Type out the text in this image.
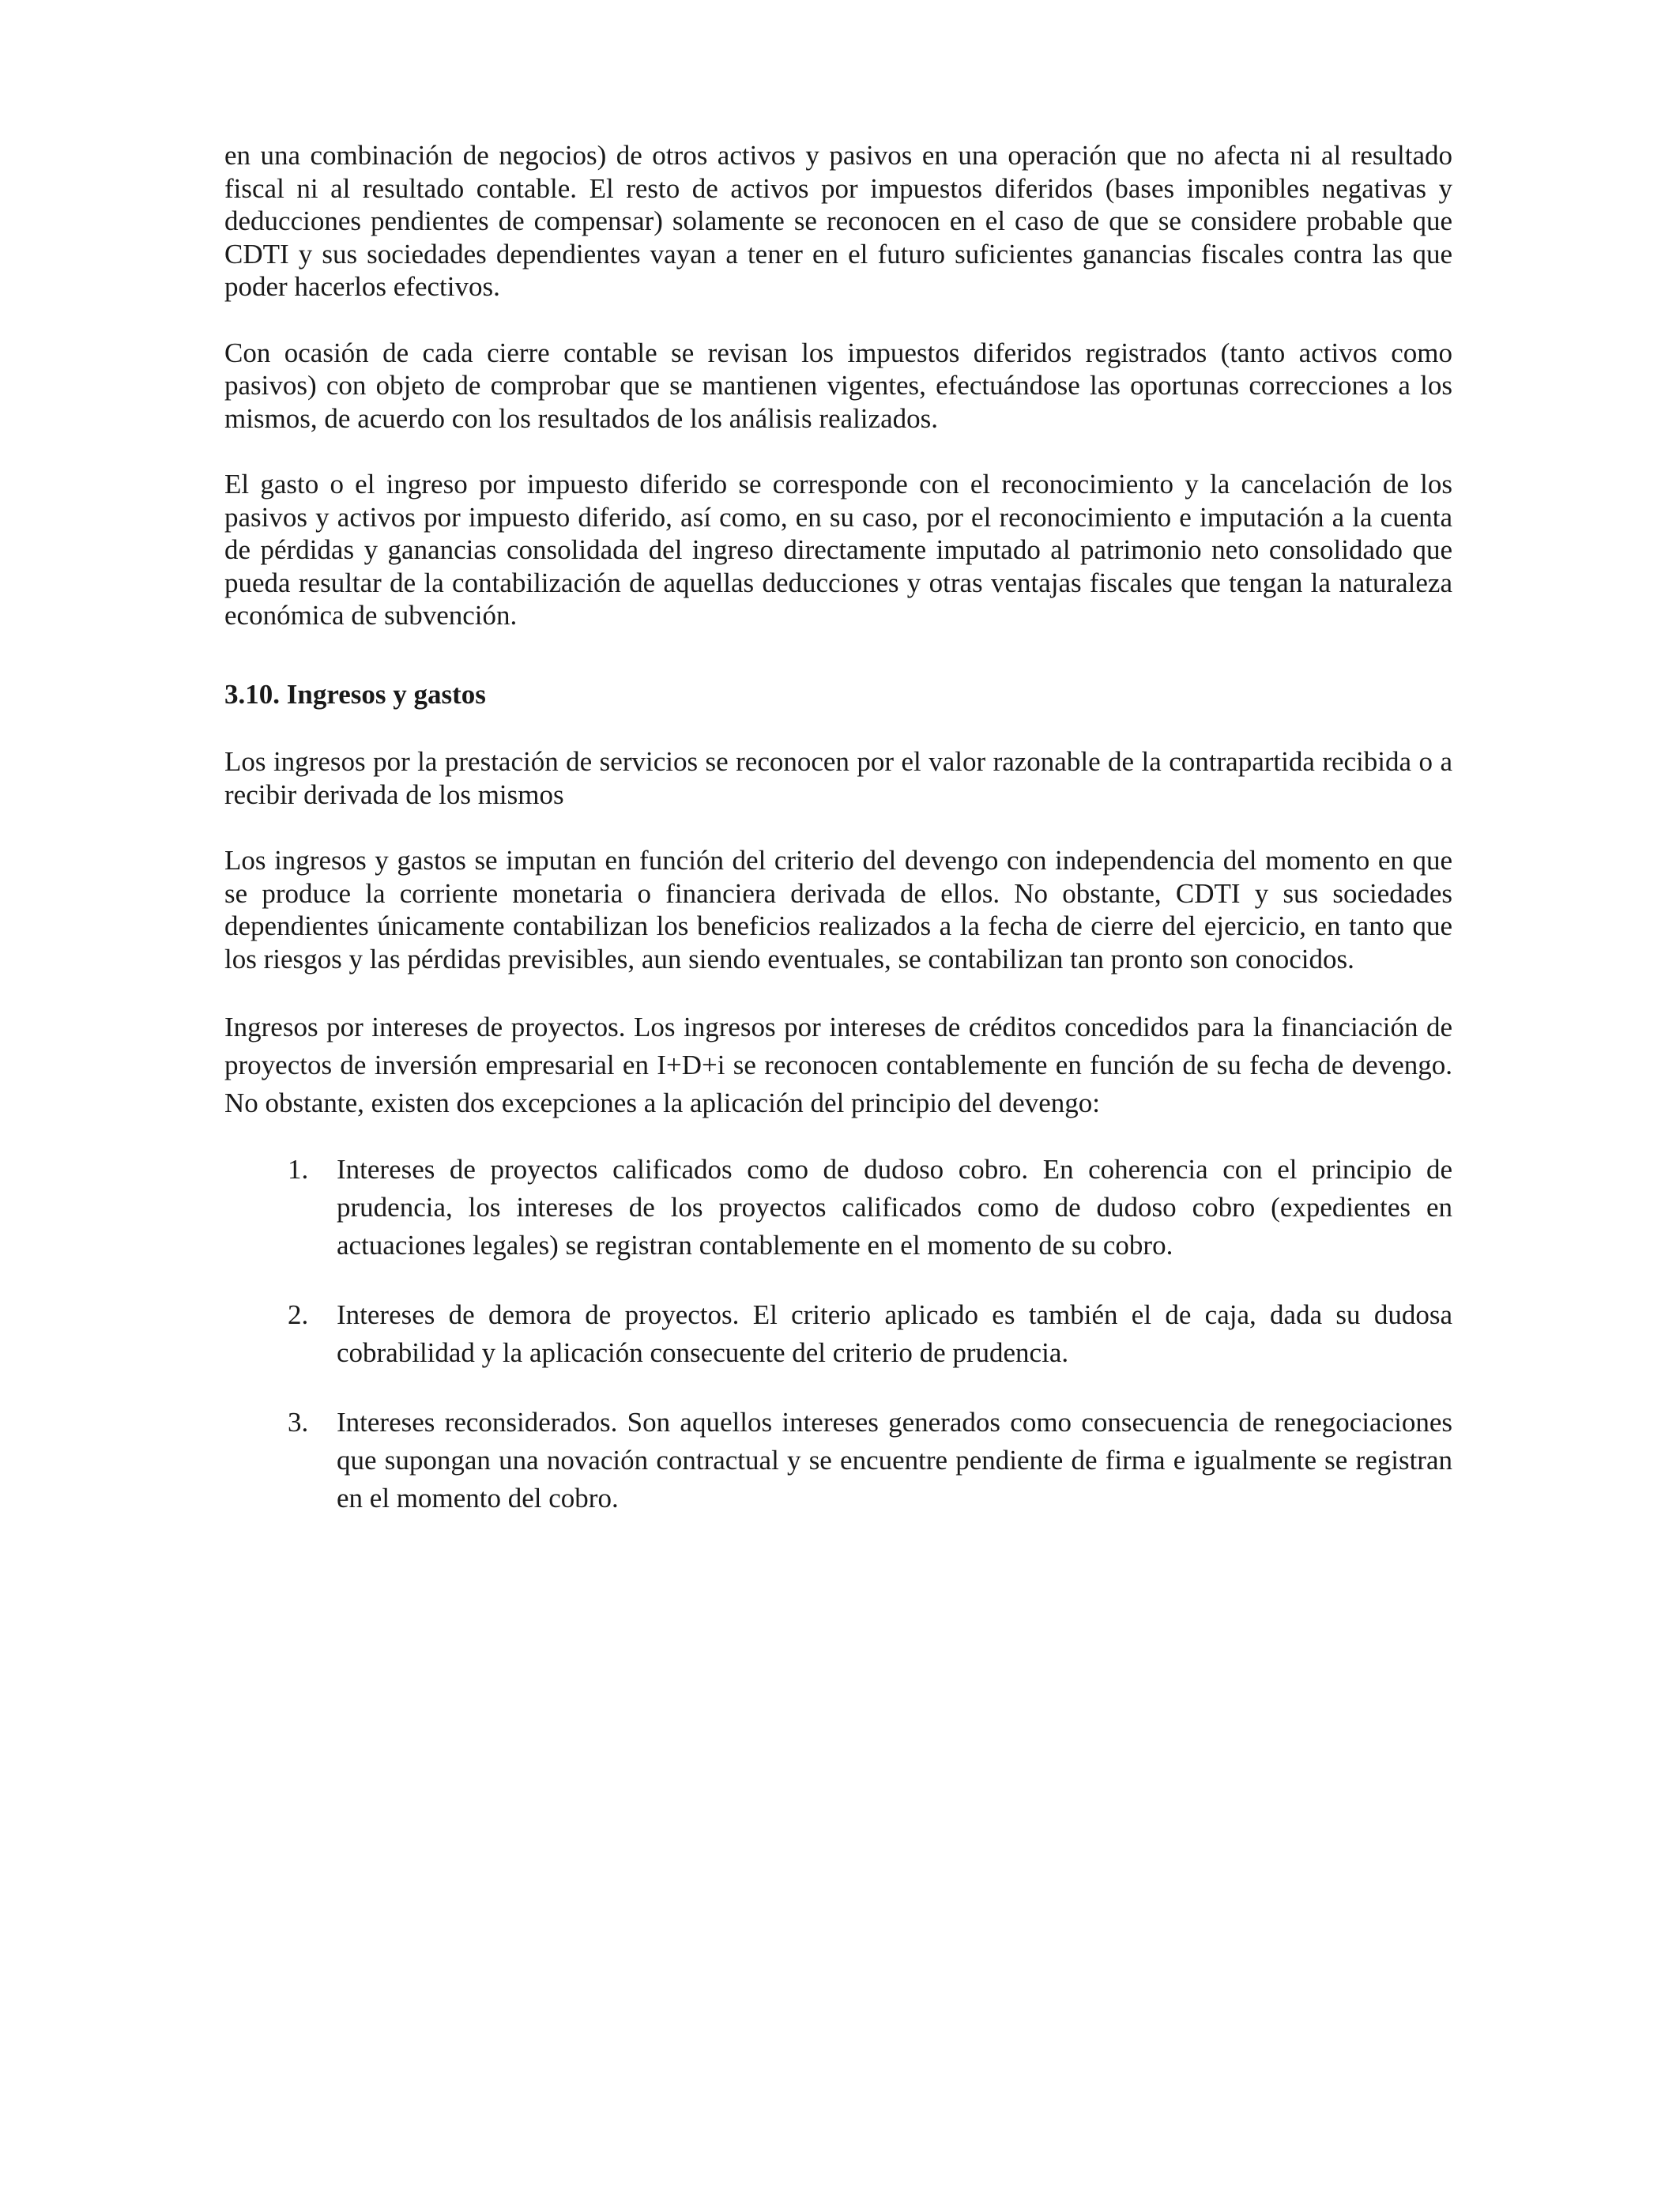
en una combinación de negocios) de otros activos y pasivos en una operación que no afecta ni al resultado fiscal ni al resultado contable. El resto de activos por impuestos diferidos (bases imponibles negativas y deducciones pendientes de compensar) solamente se reconocen en el caso de que se considere probable que CDTI y sus sociedades dependientes vayan a tener en el futuro suficientes ganancias fiscales contra las que poder hacerlos efectivos.

Con ocasión de cada cierre contable se revisan los impuestos diferidos registrados (tanto activos como pasivos) con objeto de comprobar que se mantienen vigentes, efectuándose las oportunas correcciones a los mismos, de acuerdo con los resultados de los análisis realizados.

El gasto o el ingreso por impuesto diferido se corresponde con el reconocimiento y la cancelación de los pasivos y activos por impuesto diferido, así como, en su caso, por el reconocimiento e imputación a la cuenta de pérdidas y ganancias consolidada del ingreso directamente imputado al patrimonio neto consolidado que pueda resultar de la contabilización de aquellas deducciones y otras ventajas fiscales que tengan la naturaleza económica de subvención.

3.10. Ingresos y gastos

Los ingresos por la prestación de servicios se reconocen por el valor razonable de la contrapartida recibida o a recibir derivada de los mismos

Los ingresos y gastos se imputan en función del criterio del devengo con independencia del momento en que se produce la corriente monetaria o financiera derivada de ellos. No obstante, CDTI y sus sociedades dependientes únicamente contabilizan los beneficios realizados a la fecha de cierre del ejercicio, en tanto que los riesgos y las pérdidas previsibles, aun siendo eventuales, se contabilizan tan pronto son conocidos.

Ingresos por intereses de proyectos. Los ingresos por intereses de créditos concedidos para la financiación de proyectos de inversión empresarial en I+D+i se reconocen contablemente en función de su fecha de devengo. No obstante, existen dos excepciones a la aplicación del principio del devengo:

1. Intereses de proyectos calificados como de dudoso cobro. En coherencia con el principio de prudencia, los intereses de los proyectos calificados como de dudoso cobro (expedientes en actuaciones legales) se registran contablemente en el momento de su cobro.

2. Intereses de demora de proyectos. El criterio aplicado es también el de caja, dada su dudosa cobrabilidad y la aplicación consecuente del criterio de prudencia.

3. Intereses reconsiderados. Son aquellos intereses generados como consecuencia de renegociaciones que supongan una novación contractual y se encuentre pendiente de firma e igualmente se registran en el momento del cobro.
